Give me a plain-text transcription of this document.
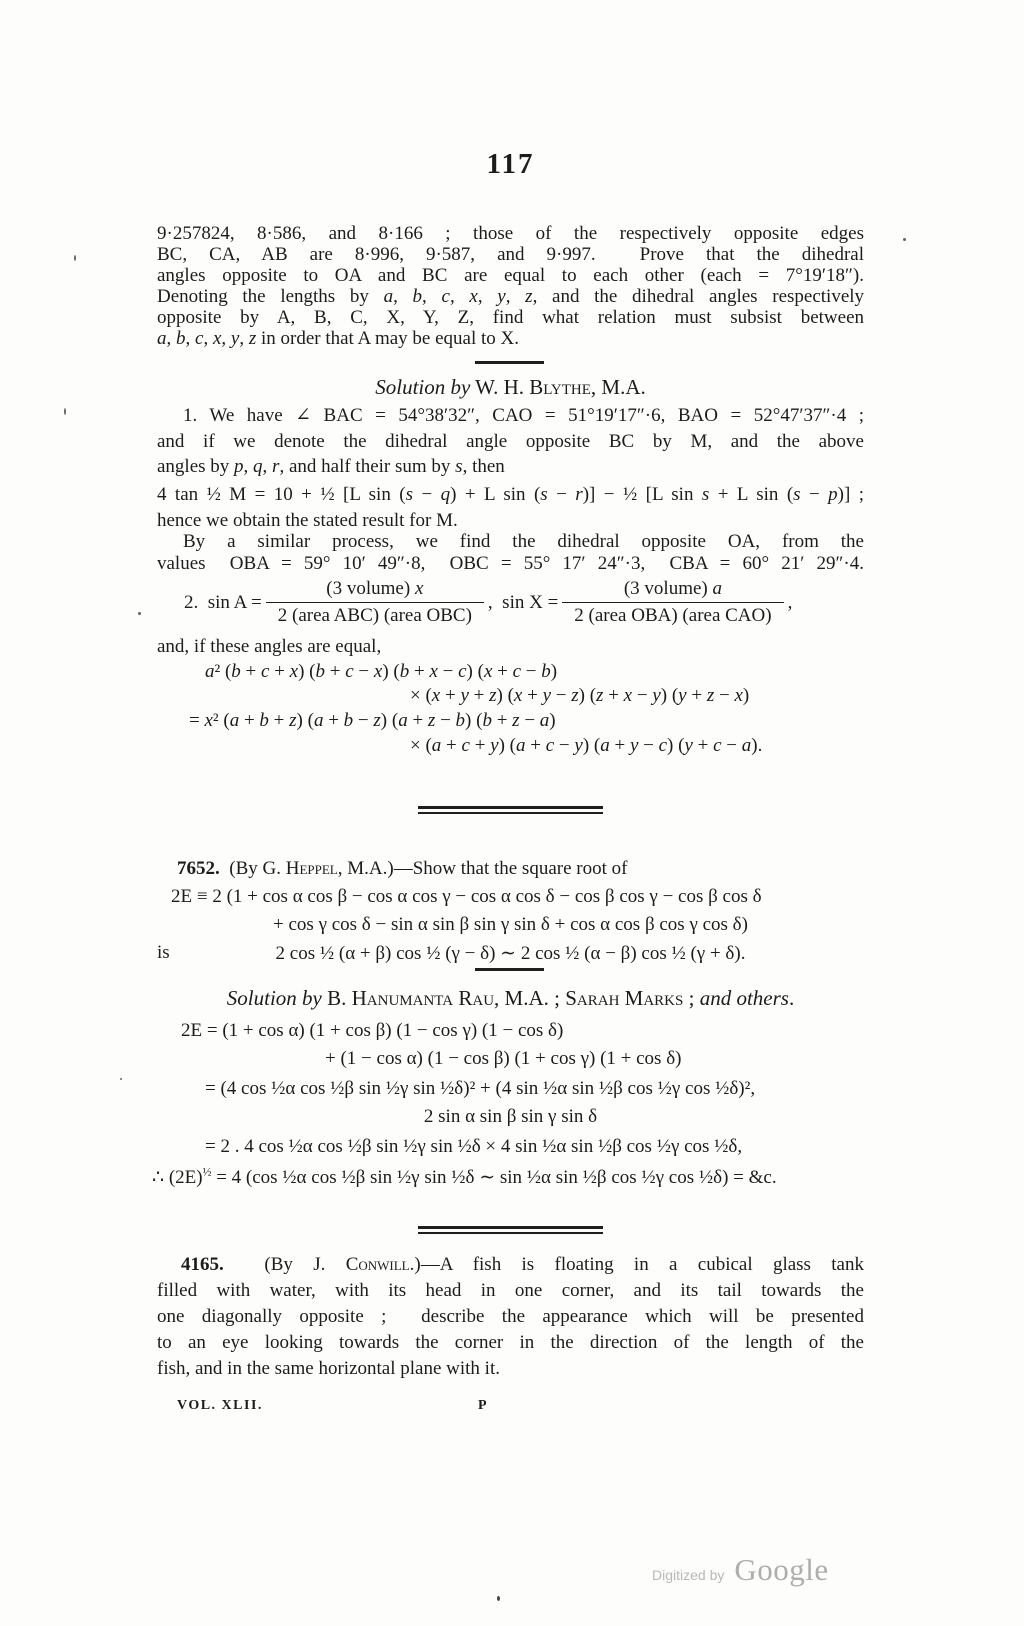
117
9·257824, 8·586, and 8·166 ; those of the respectively opposite edges
BC, CA, AB are 8·996, 9·587, and 9·997.  Prove that the dihedral
angles opposite to OA and BC are equal to each other (each = 7°19′18″).
Denoting the lengths by a, b, c, x, y, z, and the dihedral angles respectively
opposite by A, B, C, X, Y, Z, find what relation must subsist between
a, b, c, x, y, z in order that A may be equal to X.
Solution by W. H. Blythe, M.A.
1. We have ∠ BAC = 54°38′32″, CAO = 51°19′17″·6, BAO = 52°47′37″·4 ;
and if we denote the dihedral angle opposite BC by M, and the above
angles by p, q, r, and half their sum by s, then
4 tan ½ M = 10 + ½ [L sin (s − q) + L sin (s − r)] − ½ [L sin s + L sin (s − p)] ;
hence we obtain the stated result for M.
By a similar process, we find the dihedral opposite OA, from the
values  OBA = 59° 10′ 49″·8,  OBC = 55° 17′ 24″·3,  CBA = 60° 21′ 29″·4.
2.  $\sin A = \frac{\text{(3 volume) x}}{\text{2 (area ABC) (area OBC)}}$ ,  $\sin X = \frac{\text{(3 volume) a}}{\text{2 (area OBA) (area CAO)}}$ ,
and, if these angles are equal,
a² (b + c + x) (b + c − x) (b + x − c) (x + c − b)
× (x + y + z) (x + y − z) (z + x − y) (y + z − x)
= x² (a + b + z) (a + b − z) (a + z − b) (b + z − a)
× (a + c + y) (a + c − y) (a + y − c) (y + c − a).
7652.  (By G. Heppel, M.A.)—Show that the square root of
2E ≡ 2 (1 + cos α cos β − cos α cos γ − cos α cos δ − cos β cos γ − cos β cos δ
+ cos γ cos δ − sin α sin β sin γ sin δ + cos α cos β cos γ cos δ)
is	2 cos ½ (α + β) cos ½ (γ − δ) ∼ 2 cos ½ (α − β) cos ½ (γ + δ).
Solution by B. Hanumanta Rau, M.A. ; Sarah Marks ; and others.
2E = (1 + cos α) (1 + cos β) (1 − cos γ) (1 − cos δ)
+ (1 − cos α) (1 − cos β) (1 + cos γ) (1 + cos δ)
= (4 cos ½α cos ½β sin ½γ sin ½δ)² + (4 sin ½α sin ½β cos ½γ cos ½δ)²,
2 sin α sin β sin γ sin δ
= 2 . 4 cos ½α cos ½β sin ½γ sin ½δ × 4 sin ½α sin ½β cos ½γ cos ½δ,
∴ $(2E)^{\frac{1}{2}} = 4$ (cos ½α cos ½β sin ½γ sin ½δ ∼ sin ½α sin ½β cos ½γ cos ½δ) = &c.
4165.  (By J. Conwill.)—A fish is floating in a cubical glass tank
filled with water, with its head in one corner, and its tail towards the
one diagonally opposite ;  describe the appearance which will be presented
to an eye looking towards the corner in the direction of the length of the
fish, and in the same horizontal plane with it.
VOL. XLII.	P
Digitized by Google
